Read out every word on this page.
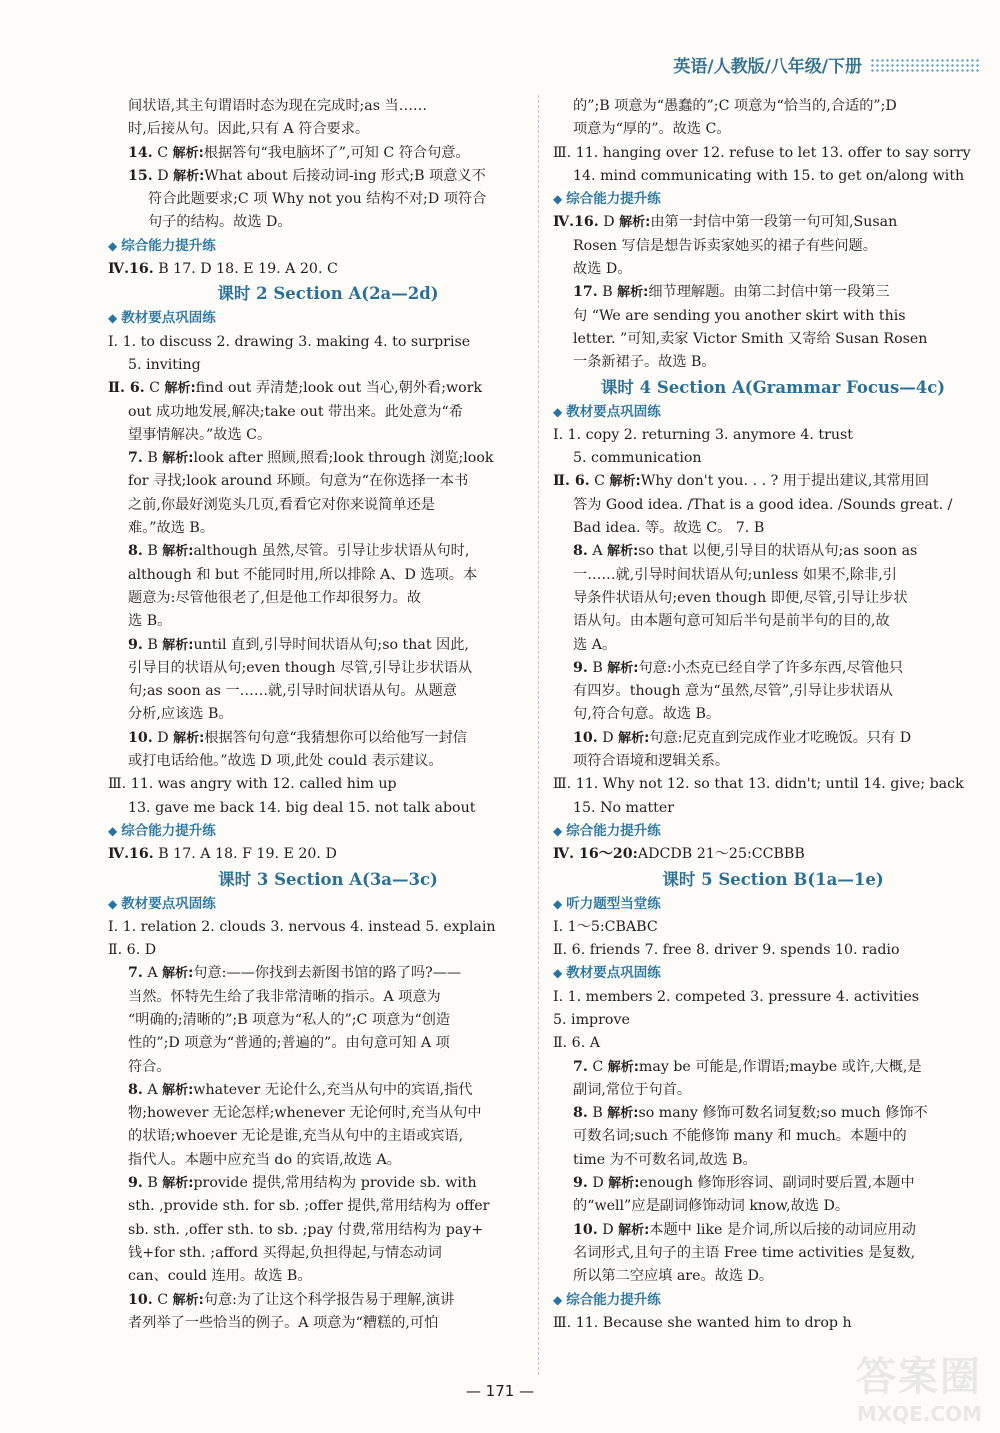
英语/人教版/八年级/下册
间状语,其主句谓语时态为现在完成时;as 当……
时,后接从句。因此,只有 A 符合要求。
14. C 解析:根据答句“我电脑坏了”,可知 C 符合句意。
15. D 解析:What about 后接动词-ing 形式;B 项意义不
符合此题要求;C 项 Why not you 结构不对;D 项符合
句子的结构。故选 D。
◆ 综合能力提升练
Ⅳ.16. B 17. D 18. E 19. A 20. C
课时 2 Section A(2a—2d)
◆ 教材要点巩固练
Ⅰ. 1. to discuss 2. drawing 3. making 4. to surprise
5. inviting
Ⅱ. 6. C 解析:find out 弄清楚;look out 当心,朝外看;work
out 成功地发展,解决;take out 带出来。此处意为“希
望事情解决。”故选 C。
7. B 解析:look after 照顾,照看;look through 浏览;look
for 寻找;look around 环顾。句意为“在你选择一本书
之前,你最好浏览头几页,看看它对你来说简单还是
难。”故选 B。
8. B 解析:although 虽然,尽管。引导让步状语从句时,
although 和 but 不能同时用,所以排除 A、D 选项。本
题意为:尽管他很老了,但是他工作却很努力。故
选 B。
9. B 解析:until 直到,引导时间状语从句;so that 因此,
引导目的状语从句;even though 尽管,引导让步状语从
句;as soon as 一……就,引导时间状语从句。从题意
分析,应该选 B。
10. D 解析:根据答句句意“我猜想你可以给他写一封信
或打电话给他。”故选 D 项,此处 could 表示建议。
Ⅲ. 11. was angry with 12. called him up
13. gave me back 14. big deal 15. not talk about
◆ 综合能力提升练
Ⅳ.16. B 17. A 18. F 19. E 20. D
课时 3 Section A(3a—3c)
◆ 教材要点巩固练
Ⅰ. 1. relation 2. clouds 3. nervous 4. instead 5. explain
Ⅱ. 6. D
7. A 解析:句意:——你找到去新图书馆的路了吗?——
当然。怀特先生给了我非常清晰的指示。A 项意为
“明确的;清晰的”;B 项意为“私人的”;C 项意为“创造
性的”;D 项意为“普通的;普遍的”。由句意可知 A 项
符合。
8. A 解析:whatever 无论什么,充当从句中的宾语,指代
物;however 无论怎样;whenever 无论何时,充当从句中
的状语;whoever 无论是谁,充当从句中的主语或宾语,
指代人。本题中应充当 do 的宾语,故选 A。
9. B 解析:provide 提供,常用结构为 provide sb. with
sth. ,provide sth. for sb. ;offer 提供,常用结构为 offer
sb. sth. ,offer sth. to sb. ;pay 付费,常用结构为 pay+
钱+for sth. ;afford 买得起,负担得起,与情态动词
can、could 连用。故选 B。
10. C 解析:句意:为了让这个科学报告易于理解,演讲
者列举了一些恰当的例子。A 项意为“糟糕的,可怕
的”;B 项意为“愚蠢的”;C 项意为“恰当的,合适的”;D
项意为“厚的”。故选 C。
Ⅲ. 11. hanging over 12. refuse to let 13. offer to say sorry
14. mind communicating with 15. to get on/along with
◆ 综合能力提升练
Ⅳ.16. D 解析:由第一封信中第一段第一句可知,Susan
Rosen 写信是想告诉卖家她买的裙子有些问题。
故选 D。
17. B 解析:细节理解题。由第二封信中第一段第三
句 “We are sending you another skirt with this
letter. ”可知,卖家 Victor Smith 又寄给 Susan Rosen
一条新裙子。故选 B。
课时 4 Section A(Grammar Focus—4c)
◆ 教材要点巩固练
Ⅰ. 1. copy 2. returning 3. anymore 4. trust
5. communication
Ⅱ. 6. C 解析:Why don't you. . . ? 用于提出建议,其常用回
答为 Good idea. /That is a good idea. /Sounds great. /
Bad idea. 等。故选 C。 7. B
8. A 解析:so that 以便,引导目的状语从句;as soon as
一……就,引导时间状语从句;unless 如果不,除非,引
导条件状语从句;even though 即便,尽管,引导让步状
语从句。由本题句意可知后半句是前半句的目的,故
选 A。
9. B 解析:句意:小杰克已经自学了许多东西,尽管他只
有四岁。though 意为“虽然,尽管”,引导让步状语从
句,符合句意。故选 B。
10. D 解析:句意:尼克直到完成作业才吃晚饭。只有 D
项符合语境和逻辑关系。
Ⅲ. 11. Why not 12. so that 13. didn't; until 14. give; back
15. No matter
◆ 综合能力提升练
Ⅳ. 16～20:ADCDB 21～25:CCBBB
课时 5 Section B(1a—1e)
◆ 听力题型当堂练
Ⅰ. 1～5:CBABC
Ⅱ. 6. friends 7. free 8. driver 9. spends 10. radio
◆ 教材要点巩固练
Ⅰ. 1. members 2. competed 3. pressure 4. activities
5. improve
Ⅱ. 6. A
7. C 解析:may be 可能是,作谓语;maybe 或许,大概,是
副词,常位于句首。
8. B 解析:so many 修饰可数名词复数;so much 修饰不
可数名词;such 不能修饰 many 和 much。本题中的
time 为不可数名词,故选 B。
9. D 解析:enough 修饰形容词、副词时要后置,本题中
的“well”应是副词修饰动词 know,故选 D。
10. D 解析:本题中 like 是介词,所以后接的动词应用动
名词形式,且句子的主语 Free time activities 是复数,
所以第二空应填 are。故选 D。
◆ 综合能力提升练
Ⅲ. 11. Because she wanted him to drop h
— 171 —	答案圈
MXQE.COM
